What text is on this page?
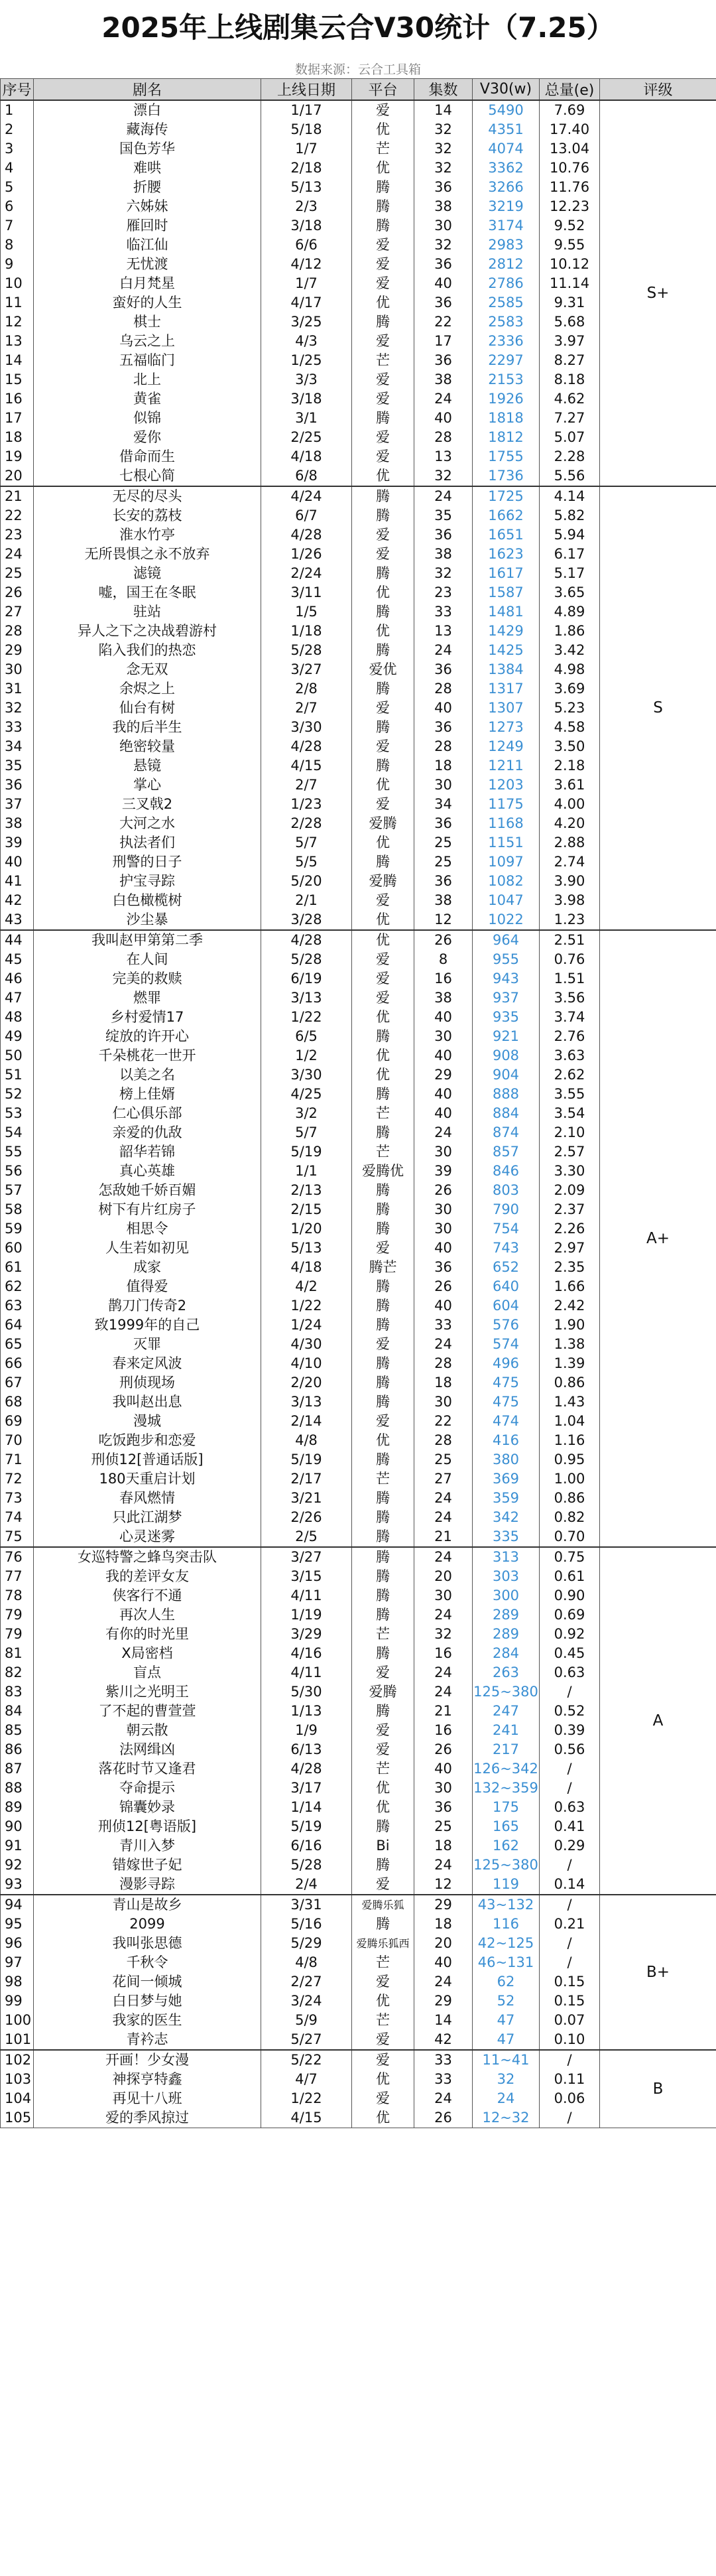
2025年上线剧集云合V30统计（7.25）
数据来源：云合工具箱
序号	剧名	上线日期	平台	集数	V30(w)	总量(e)	评级
1	漂白	1/17	爱	14	5490	7.69	S+
2	藏海传	5/18	优	32	4351	17.40	
3	国色芳华	1/7	芒	32	4074	13.04	
4	难哄	2/18	优	32	3362	10.76	
5	折腰	5/13	腾	36	3266	11.76	
6	六姊妹	2/3	腾	38	3219	12.23	
7	雁回时	3/18	腾	30	3174	9.52	
8	临江仙	6/6	爱	32	2983	9.55	
9	无忧渡	4/12	爱	36	2812	10.12	
10	白月梵星	1/7	爱	40	2786	11.14	
11	蛮好的人生	4/17	优	36	2585	9.31	
12	棋士	3/25	腾	22	2583	5.68	
13	乌云之上	4/3	爱	17	2336	3.97	
14	五福临门	1/25	芒	36	2297	8.27	
15	北上	3/3	爱	38	2153	8.18	
16	黄雀	3/18	爱	24	1926	4.62	
17	似锦	3/1	腾	40	1818	7.27	
18	爱你	2/25	爱	28	1812	5.07	
19	借命而生	4/18	爱	13	1755	2.28	
20	七根心简	6/8	优	32	1736	5.56	
21	无尽的尽头	4/24	腾	24	1725	4.14	S
22	长安的荔枝	6/7	腾	35	1662	5.82	
23	淮水竹亭	4/28	爱	36	1651	5.94	
24	无所畏惧之永不放弃	1/26	爱	38	1623	6.17	
25	滤镜	2/24	腾	32	1617	5.17	
26	嘘，国王在冬眠	3/11	优	23	1587	3.65	
27	驻站	1/5	腾	33	1481	4.89	
28	异人之下之决战碧游村	1/18	优	13	1429	1.86	
29	陷入我们的热恋	5/28	腾	24	1425	3.42	
30	念无双	3/27	爱优	36	1384	4.98	
31	余烬之上	2/8	腾	28	1317	3.69	
32	仙台有树	2/7	爱	40	1307	5.23	
33	我的后半生	3/30	腾	36	1273	4.58	
34	绝密较量	4/28	爱	28	1249	3.50	
35	悬镜	4/15	腾	18	1211	2.18	
36	掌心	2/7	优	30	1203	3.61	
37	三叉戟2	1/23	爱	34	1175	4.00	
38	大河之水	2/28	爱腾	36	1168	4.20	
39	执法者们	5/7	优	25	1151	2.88	
40	刑警的日子	5/5	腾	25	1097	2.74	
41	护宝寻踪	5/20	爱腾	36	1082	3.90	
42	白色橄榄树	2/1	爱	38	1047	3.98	
43	沙尘暴	3/28	优	12	1022	1.23	
44	我叫赵甲第第二季	4/28	优	26	964	2.51	A+
45	在人间	5/28	爱	8	955	0.76	
46	完美的救赎	6/19	爱	16	943	1.51	
47	燃罪	3/13	爱	38	937	3.56	
48	乡村爱情17	1/22	优	40	935	3.74	
49	绽放的许开心	6/5	腾	30	921	2.76	
50	千朵桃花一世开	1/2	优	40	908	3.63	
51	以美之名	3/30	优	29	904	2.62	
52	榜上佳婿	4/25	腾	40	888	3.55	
53	仁心俱乐部	3/2	芒	40	884	3.54	
54	亲爱的仇敌	5/7	腾	24	874	2.10	
55	韶华若锦	5/19	芒	30	857	2.57	
56	真心英雄	1/1	爱腾优	39	846	3.30	
57	怎敌她千娇百媚	2/13	腾	26	803	2.09	
58	树下有片红房子	2/15	腾	30	790	2.37	
59	相思令	1/20	腾	30	754	2.26	
60	人生若如初见	5/13	爱	40	743	2.97	
61	成家	4/18	腾芒	36	652	2.35	
62	值得爱	4/2	腾	26	640	1.66	
63	鹊刀门传奇2	1/22	腾	40	604	2.42	
64	致1999年的自己	1/24	腾	33	576	1.90	
65	灭罪	4/30	爱	24	574	1.38	
66	春来定风波	4/10	腾	28	496	1.39	
67	刑侦现场	2/20	腾	18	475	0.86	
68	我叫赵出息	3/13	腾	30	475	1.43	
69	漫城	2/14	爱	22	474	1.04	
70	吃饭跑步和恋爱	4/8	优	28	416	1.16	
71	刑侦12[普通话版]	5/19	腾	25	380	0.95	
72	180天重启计划	2/17	芒	27	369	1.00	
73	春风燃情	3/21	腾	24	359	0.86	
74	只此江湖梦	2/26	腾	24	342	0.82	
75	心灵迷雾	2/5	腾	21	335	0.70	
76	女巡特警之蜂鸟突击队	3/27	腾	24	313	0.75	A
77	我的差评女友	3/15	腾	20	303	0.61	
78	侠客行不通	4/11	腾	30	300	0.90	
79	再次人生	1/19	腾	24	289	0.69	
79	有你的时光里	3/29	芒	32	289	0.92	
81	X局密档	4/16	腾	16	284	0.45	
82	盲点	4/11	爱	24	263	0.63	
83	紫川之光明王	5/30	爱腾	24	125~380	/	
84	了不起的曹萱萱	1/13	腾	21	247	0.52	
85	朝云散	1/9	爱	16	241	0.39	
86	法网缉凶	6/13	爱	26	217	0.56	
87	落花时节又逢君	4/28	芒	40	126~342	/	
88	夺命提示	3/17	优	30	132~359	/	
89	锦囊妙录	1/14	优	36	175	0.63	
90	刑侦12[粤语版]	5/19	腾	25	165	0.41	
91	青川入梦	6/16	Bi	18	162	0.29	
92	错嫁世子妃	5/28	腾	24	125~380	/	
93	漫影寻踪	2/4	爱	12	119	0.14	
94	青山是故乡	3/31	爱腾乐狐	29	43~132	/	B+
95	2099	5/16	腾	18	116	0.21	
96	我叫张思德	5/29	爱腾乐狐西	20	42~125	/	
97	千秋令	4/8	芒	40	46~131	/	
98	花间一倾城	2/27	爱	24	62	0.15	
99	白日梦与她	3/24	优	29	52	0.15	
100	我家的医生	5/9	芒	14	47	0.07	
101	青衿志	5/27	爱	42	47	0.10	
102	开画！少女漫	5/22	爱	33	11~41	/	B
103	神探亨特鑫	4/7	优	33	32	0.11	
104	再见十八班	1/22	爱	24	24	0.06	
105	爱的季风掠过	4/15	优	26	12~32	/	
